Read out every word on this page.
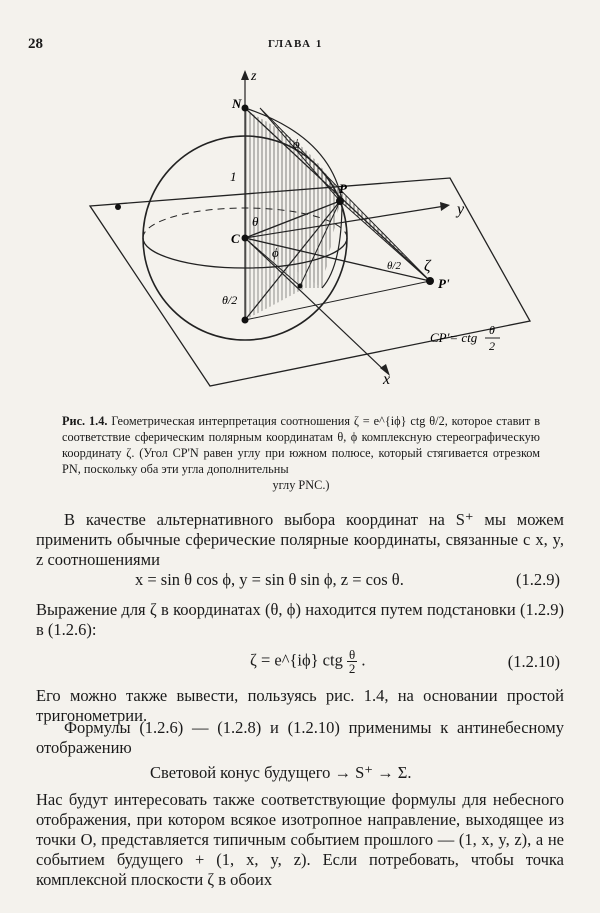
28	ГЛАВА 1
z
y
x
N
C
P
P'
1
θ
ϕ
ϕ
θ/2
θ/2 ζ
CP'= ctg θ
2
Рис. 1.4. Геометрическая интерпретация соотношения ζ = e^{iϕ} ctg θ/2, которое ставит в соответствие сферическим полярным координатам θ, ϕ комплексную стереографическую координату ζ. (Угол CP'N равен углу при южном полюсе, который стягивается отрезком PN, поскольку оба эти угла дополнительны
углу PNC.)
В качестве альтернативного выбора координат на S⁺ мы можем применить обычные сферические полярные координаты, связанные с x, y, z соотношениями
x = sin θ cos ϕ, y = sin θ sin ϕ, z = cos θ.	(1.2.9)
Выражение для ζ в координатах (θ, ϕ) находится путем подстановки (1.2.9) в (1.2.6):
ζ = e^{iϕ} ctg $\frac{\theta}{2}$ .	(1.2.10)
Его можно также вывести, пользуясь рис. 1.4, на основании простой тригонометрии.
Формулы (1.2.6) — (1.2.8) и (1.2.10) применимы к антинебесному отображению
Световой конус будущего → S⁺ → Σ.
Нас будут интересовать также соответствующие формулы для небесного отображения, при котором всякое изотропное направление, выходящее из точки O, представляется типичным событием прошлого — (1, x, y, z), а не событием будущего + (1, x, y, z). Если потребовать, чтобы точка комплексной плоскости ζ в обоих
